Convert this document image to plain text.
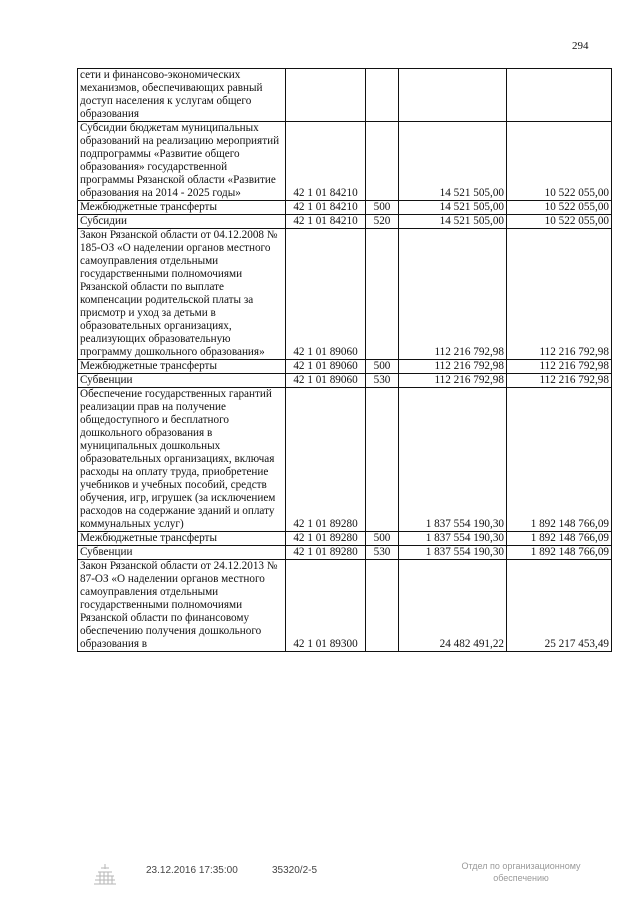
294
сети и финансово-экономических механизмов, обеспечивающих равный доступ населения к услугам общего образования				
Субсидии бюджетам муниципальных образований на реализацию мероприятий подпрограммы «Развитие общего образования» государственной программы Рязанской области «Развитие образования на 2014 - 2025 годы»	42 1 01 84210		14 521 505,00	10 522 055,00
Межбюджетные трансферты	42 1 01 84210	500	14 521 505,00	10 522 055,00
Субсидии	42 1 01 84210	520	14 521 505,00	10 522 055,00
Закон Рязанской области от 04.12.2008 № 185-ОЗ «О наделении органов местного самоуправления отдельными государственными полномочиями Рязанской области по выплате компенсации родительской платы за присмотр и уход за детьми в образовательных организациях, реализующих образовательную программу дошкольного образования»	42 1 01 89060		112 216 792,98	112 216 792,98
Межбюджетные трансферты	42 1 01 89060	500	112 216 792,98	112 216 792,98
Субвенции	42 1 01 89060	530	112 216 792,98	112 216 792,98
Обеспечение государственных гарантий реализации прав на получение общедоступного и бесплатного дошкольного образования в муниципальных дошкольных образовательных организациях, включая расходы на оплату труда, приобретение учебников и учебных пособий, средств обучения, игр, игрушек (за исключением расходов на содержание зданий и оплату коммунальных услуг)	42 1 01 89280		1 837 554 190,30	1 892 148 766,09
Межбюджетные трансферты	42 1 01 89280	500	1 837 554 190,30	1 892 148 766,09
Субвенции	42 1 01 89280	530	1 837 554 190,30	1 892 148 766,09
Закон Рязанской области от 24.12.2013 № 87-ОЗ «О наделении органов местного самоуправления отдельными государственными полномочиями Рязанской области по финансовому обеспечению получения дошкольного образования в	42 1 01 89300		24 482 491,22	25 217 453,49
23.12.2016 17:35:00	35320/2-5	Отдел по организационному
обеспечению
